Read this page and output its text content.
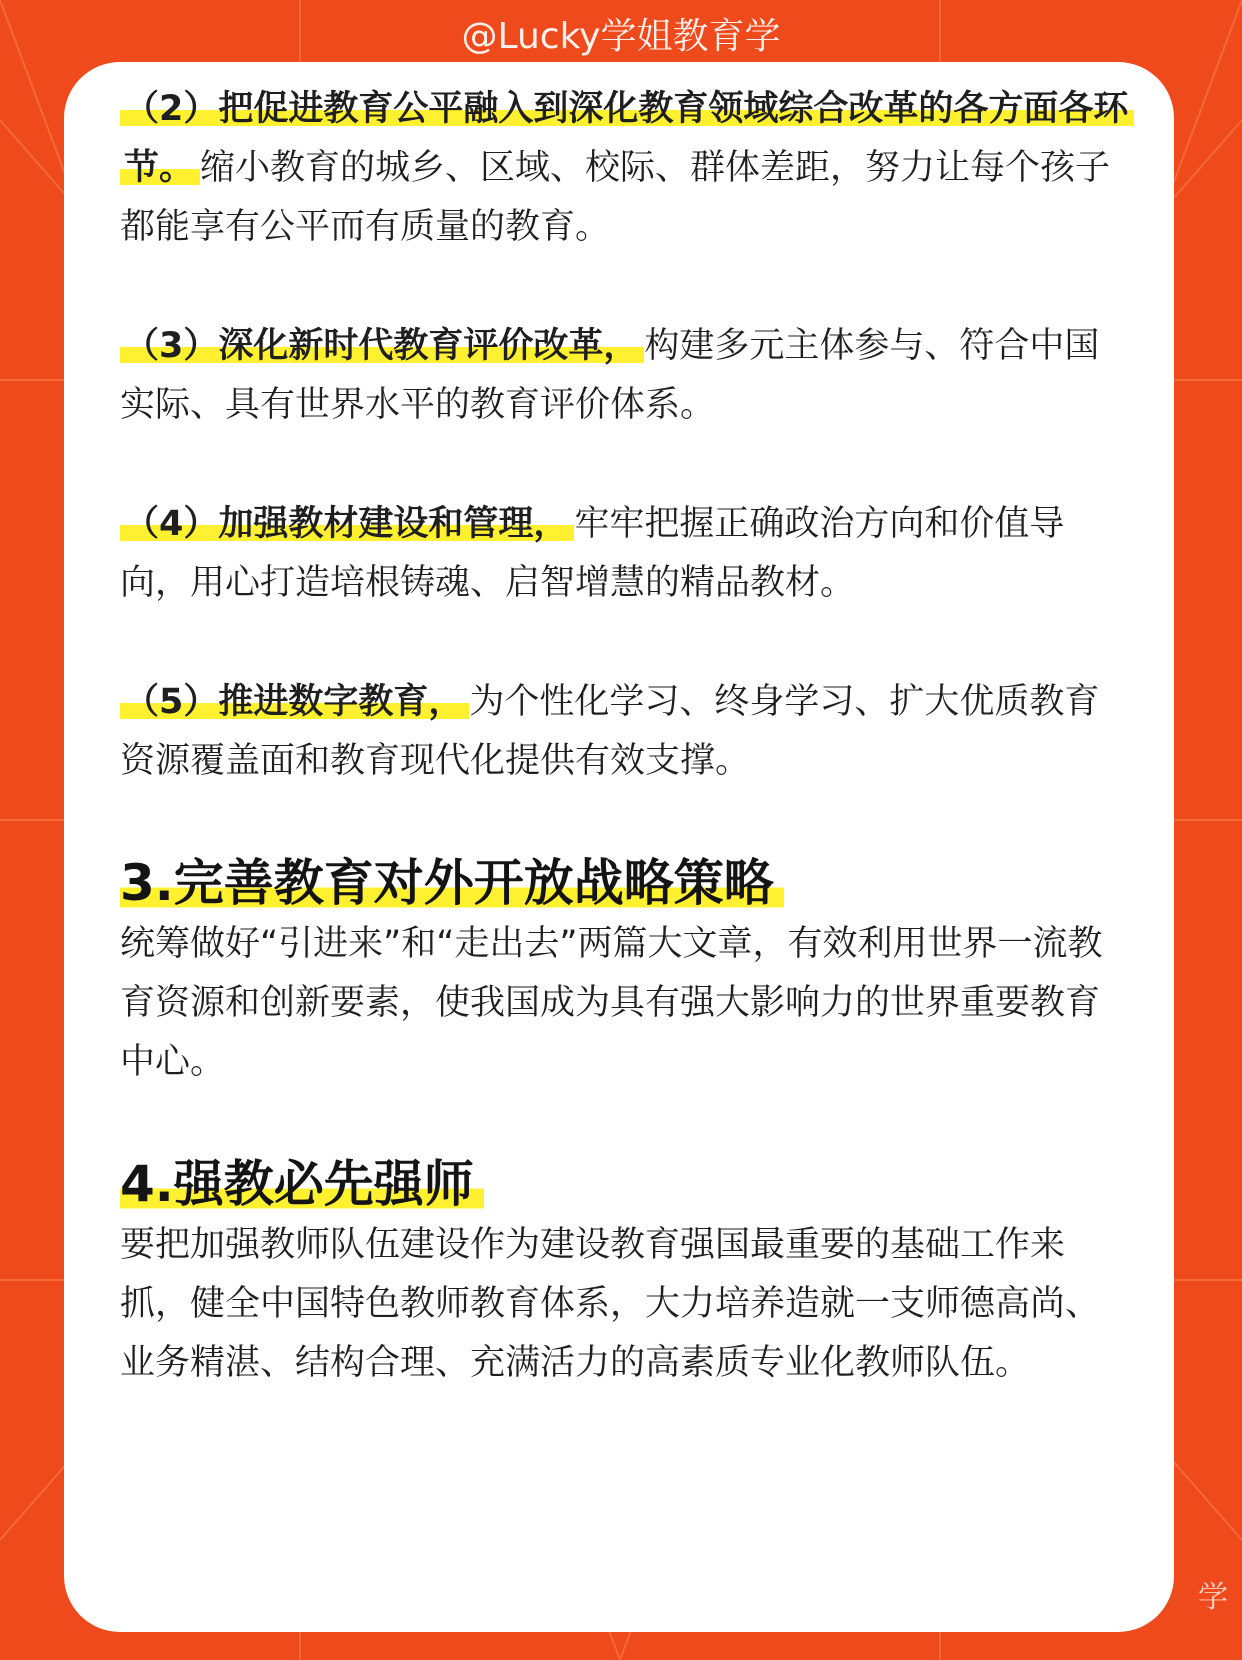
@Lucky学姐教育学

（2）把促进教育公平融入到深化教育领域综合改革的各方面各环节。 缩小教育的城乡、区域、校际、群体差距，努力让每个孩子都能享有公平而有质量的教育。

（3）深化新时代教育评价改革， 构建多元主体参与、符合中国实际、具有世界水平的教育评价体系。

（4）加强教材建设和管理， 牢牢把握正确政治方向和价值导向，用心打造培根铸魂、启智增慧的精品教材。

（5）推进数字教育， 为个性化学习、终身学习、扩大优质教育资源覆盖面和教育现代化提供有效支撑。

3.完善教育对外开放战略策略

统筹做好“引进来”和“走出去”两篇大文章，有效利用世界一流教育资源和创新要素，使我国成为具有强大影响力的世界重要教育中心。

4.强教必先强师

要把加强教师队伍建设作为建设教育强国最重要的基础工作来抓，健全中国特色教师教育体系，大力培养造就一支师德高尚、业务精湛、结构合理、充满活力的高素质专业化教师队伍。

学
